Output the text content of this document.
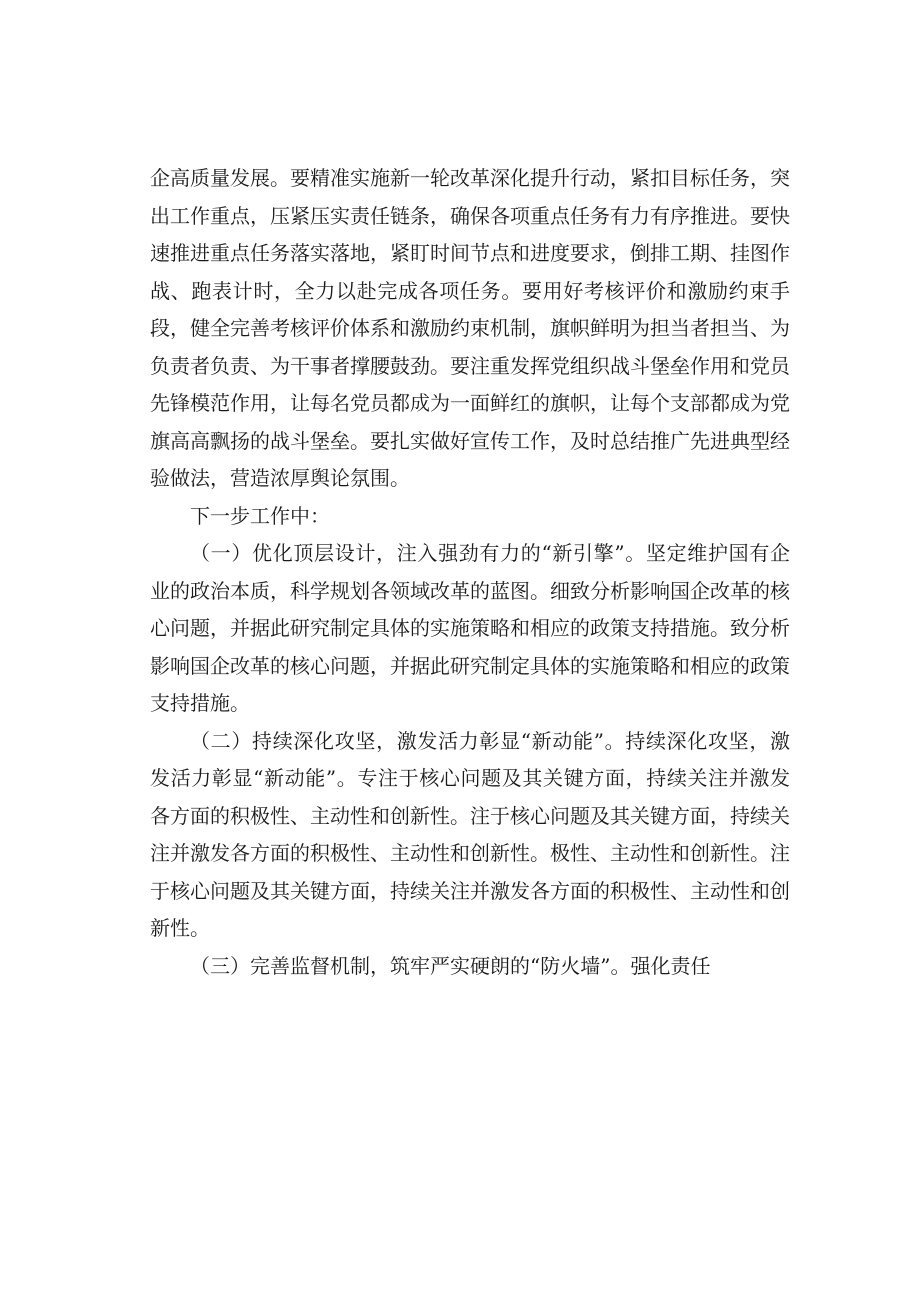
企高质量发展。要精准实施新一轮改革深化提升行动，紧扣目标任务，突出工作重点，压紧压实责任链条，确保各项重点任务有力有序推进。要快速推进重点任务落实落地，紧盯时间节点和进度要求，倒排工期、挂图作战、跑表计时，全力以赴完成各项任务。要用好考核评价和激励约束手段，健全完善考核评价体系和激励约束机制，旗帜鲜明为担当者担当、为负责者负责、为干事者撑腰鼓劲。要注重发挥党组织战斗堡垒作用和党员先锋模范作用，让每名党员都成为一面鲜红的旗帜，让每个支部都成为党旗高高飘扬的战斗堡垒。要扎实做好宣传工作，及时总结推广先进典型经验做法，营造浓厚舆论氛围。

下一步工作中：

（一）优化顶层设计，注入强劲有力的“新引擎”。坚定维护国有企业的政治本质，科学规划各领域改革的蓝图。细致分析影响国企改革的核心问题，并据此研究制定具体的实施策略和相应的政策支持措施。致分析影响国企改革的核心问题，并据此研究制定具体的实施策略和相应的政策支持措施。

（二）持续深化攻坚，激发活力彰显“新动能”。持续深化攻坚，激发活力彰显“新动能”。专注于核心问题及其关键方面，持续关注并激发各方面的积极性、主动性和创新性。注于核心问题及其关键方面，持续关注并激发各方面的积极性、主动性和创新性。极性、主动性和创新性。注于核心问题及其关键方面，持续关注并激发各方面的积极性、主动性和创新性。

（三）完善监督机制，筑牢严实硬朗的“防火墙”。强化责任
